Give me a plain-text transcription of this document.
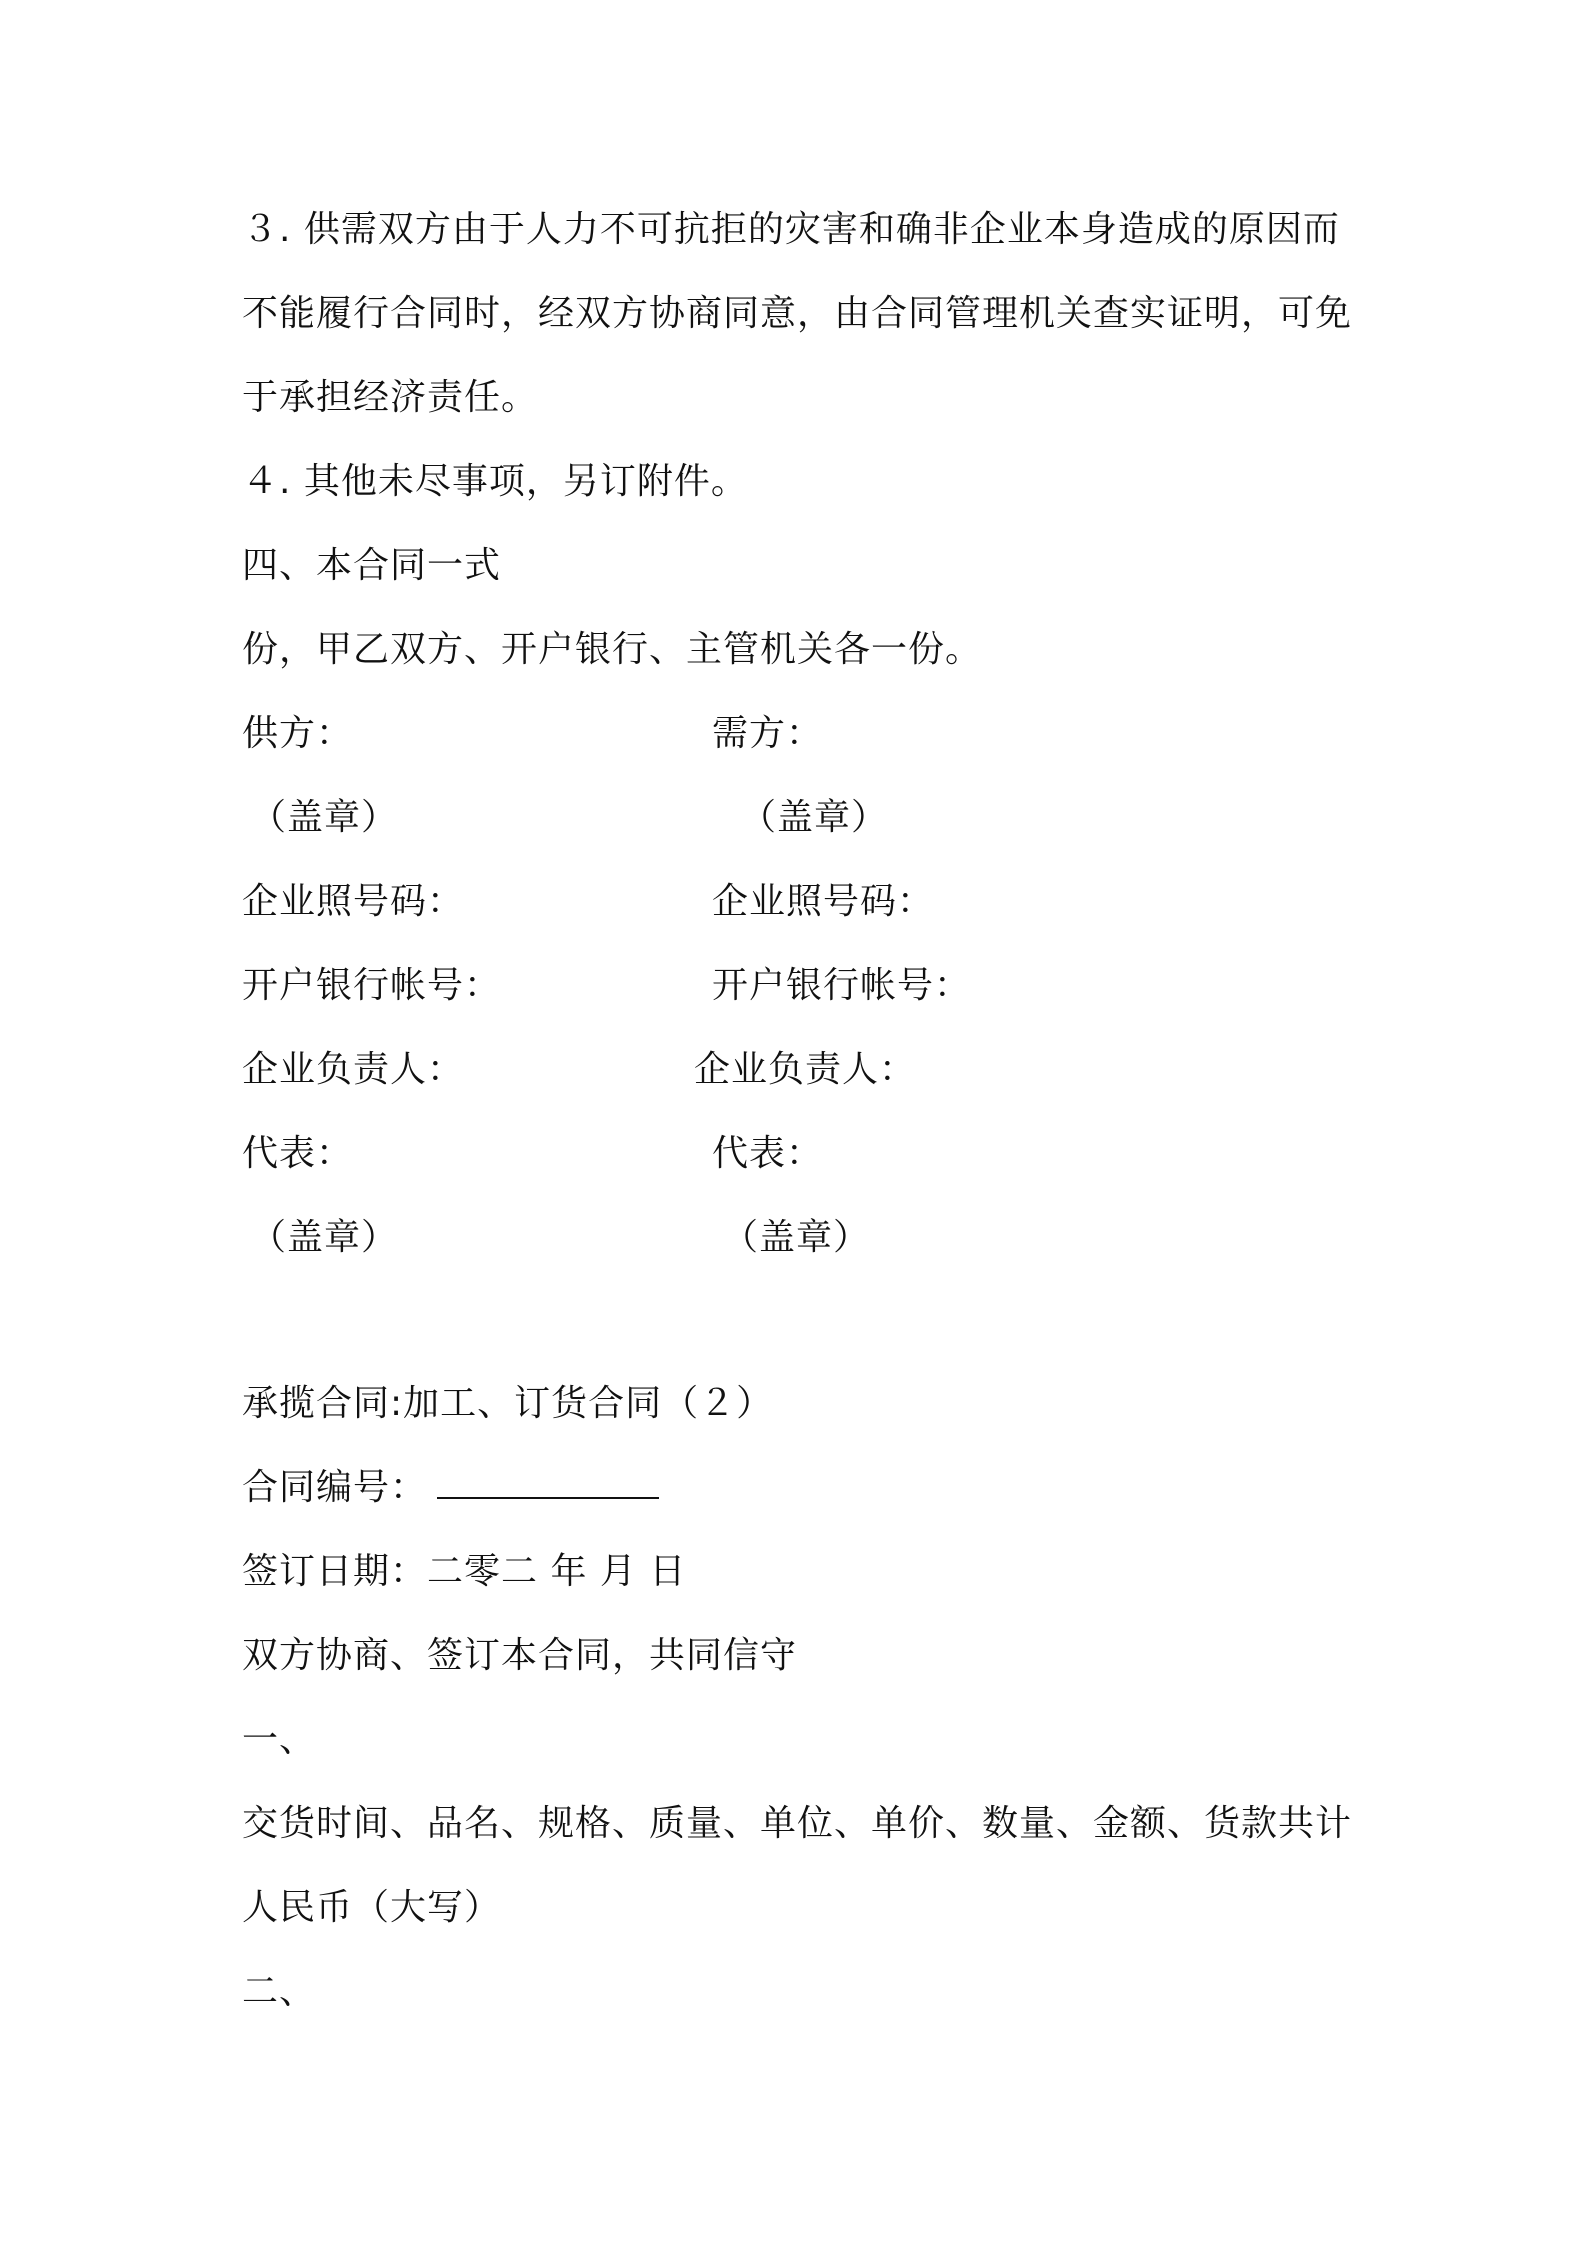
３. 供需双方由于人力不可抗拒的灾害和确非企业本身造成的原因而
不能履行合同时，经双方协商同意，由合同管理机关查实证明，可免
于承担经济责任。
４. 其他未尽事项，另订附件。
四、本合同一式
份，甲乙双方、开户银行、主管机关各一份。
供方：	需方：
（盖章）	（盖章）
企业照号码：	企业照号码：
开户银行帐号：	开户银行帐号：
企业负责人：	企业负责人：
代表：	代表：
（盖章）	（盖章）
承揽合同:加工、订货合同（２）
合同编号：
签订日期：二零二 年 月 日
双方协商、签订本合同，共同信守
一、
交货时间、品名、规格、质量、单位、单价、数量、金额、货款共计
人民币（大写）
二、
